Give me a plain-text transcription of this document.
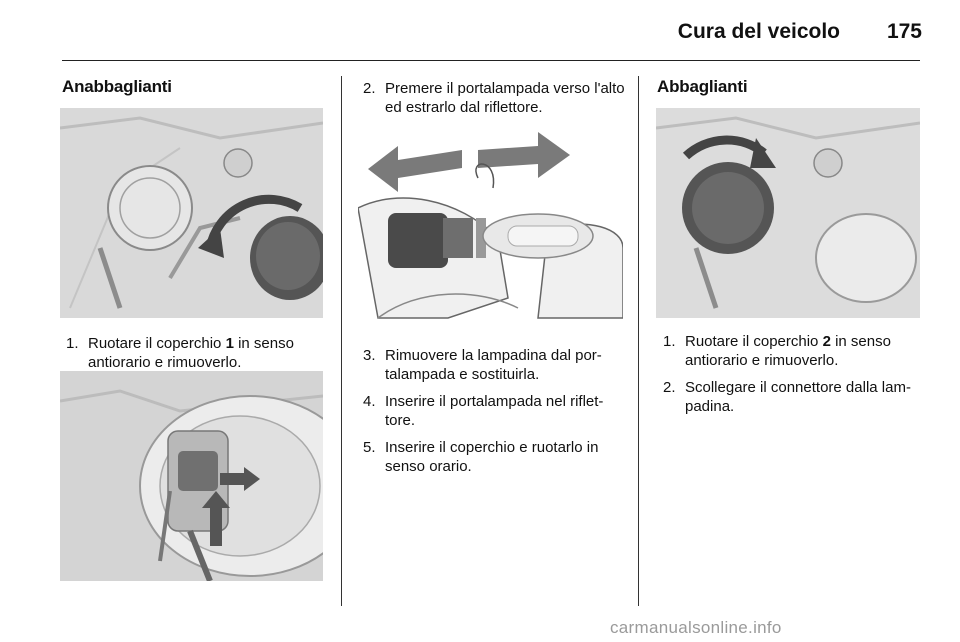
Cura del veicolo	175
Anabbaglianti
1. Ruotare il coperchio 1 in senso antiorario e rimuoverlo.
2. Premere il portalampada verso l'alto ed estrarlo dal riflettore.
3. Rimuovere la lampadina dal por-talampada e sostituirla.
4. Inserire il portalampada nel riflet-tore.
5. Inserire il coperchio e ruotarlo in senso orario.
Abbaglianti
1. Ruotare il coperchio 2 in senso antiorario e rimuoverlo.
2. Scollegare il connettore dalla lam-padina.
carmanualsonline.info
